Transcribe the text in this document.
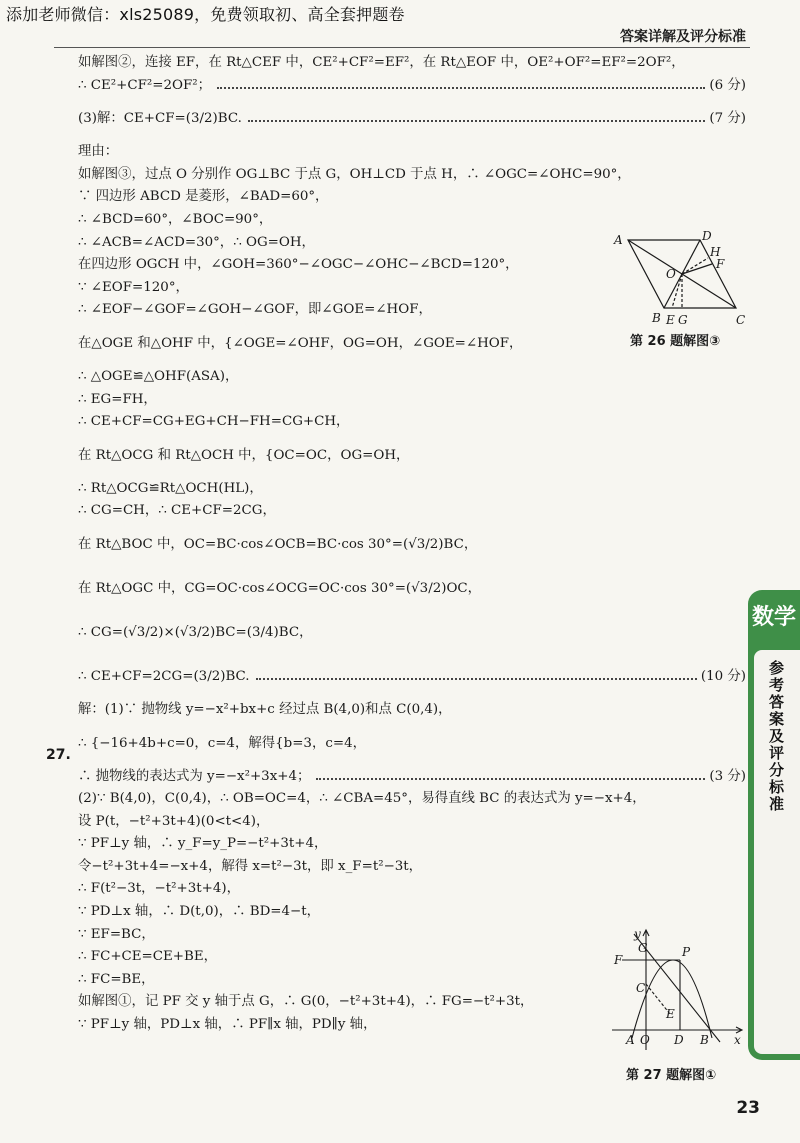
添加老师微信：xls25089，免费领取初、高全套押题卷
答案详解及评分标准
如解图②，连接 EF，在 Rt△CEF 中，CE²+CF²=EF²，在 Rt△EOF 中，OE²+OF²=EF²=2OF²，
∴ CE²+CF²=2OF²；	(6 分)
(3)解：CE+CF=(3/2)BC.	(7 分)
理由：
如解图③，过点 O 分别作 OG⊥BC 于点 G，OH⊥CD 于点 H，∴ ∠OGC=∠OHC=90°，
∵ 四边形 ABCD 是菱形，∠BAD=60°，
∴ ∠BCD=60°，∠BOC=90°，
∴ ∠ACB=∠ACD=30°，∴ OG=OH，
在四边形 OGCH 中，∠GOH=360°−∠OGC−∠OHC−∠BCD=120°，
∵ ∠EOF=120°，
∴ ∠EOF−∠GOF=∠GOH−∠GOF，即∠GOE=∠HOF，
在△OGE 和△OHF 中，{∠OGE=∠OHF，OG=OH，∠GOE=∠HOF，
∴ △OGE≌△OHF(ASA)，
∴ EG=FH，
∴ CE+CF=CG+EG+CH−FH=CG+CH，
在 Rt△OCG 和 Rt△OCH 中，{OC=OC，OG=OH，
∴ Rt△OCG≌Rt△OCH(HL)，
∴ CG=CH，∴ CE+CF=2CG，
在 Rt△BOC 中，OC=BC·cos∠OCB=BC·cos 30°=(√3/2)BC，
在 Rt△OGC 中，CG=OC·cos∠OCG=OC·cos 30°=(√3/2)OC，
∴ CG=(√3/2)×(√3/2)BC=(3/4)BC，
∴ CE+CF=2CG=(3/2)BC.	(10 分)
解：(1)∵ 抛物线 y=−x²+bx+c 经过点 B(4,0)和点 C(0,4)，
∴ {−16+4b+c=0，c=4，解得{b=3，c=4，
∴ 抛物线的表达式为 y=−x²+3x+4；	(3 分)
(2)∵ B(4,0)，C(0,4)，∴ OB=OC=4，∴ ∠CBA=45°，易得直线 BC 的表达式为 y=−x+4，
设 P(t，−t²+3t+4)(0<t<4)，
∵ PF⊥y 轴，∴ y_F=y_P=−t²+3t+4，
令−t²+3t+4=−x+4，解得 x=t²−3t，即 x_F=t²−3t，
∴ F(t²−3t，−t²+3t+4)，
∵ PD⊥x 轴，∴ D(t,0)，∴ BD=4−t，
∵ EF=BC，
∴ FC+CE=CE+BE，
∴ FC=BE，
如解图①，记 PF 交 y 轴于点 G，∴ G(0，−t²+3t+4)，∴ FG=−t²+3t，
∵ PF⊥y 轴，PD⊥x 轴，∴ PF∥x 轴，PD∥y 轴，
27.
A	D
H
F
O
B E G	C
第 26 题解图③
y
G	P
F
C
E
A O D B x
第 27 题解图①
数学
参考答案及评分标准
23
